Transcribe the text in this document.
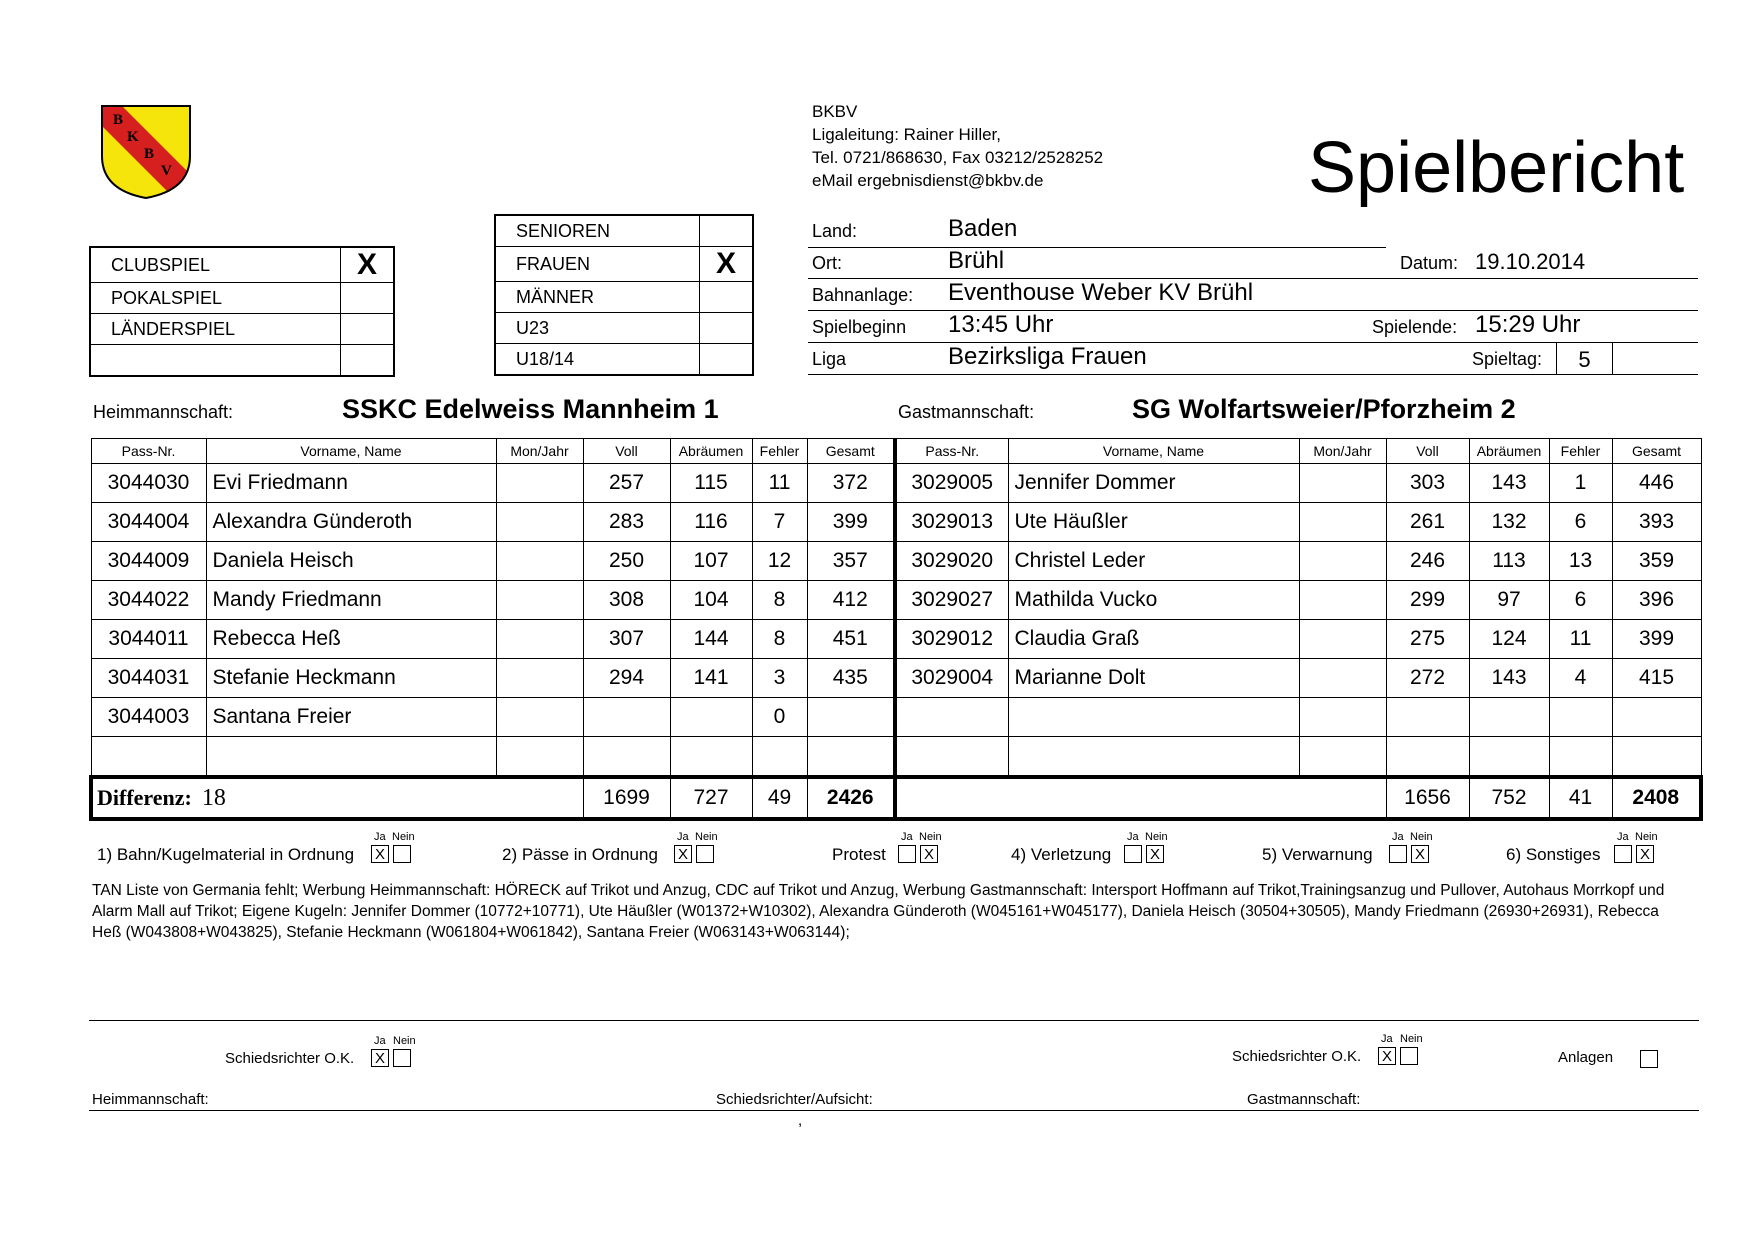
B
K
B
V
BKBV
Ligaleitung: Rainer Hiller,
Tel. 0721/868630, Fax 03212/2528252
eMail ergebnisdienst@bkbv.de	Spielbericht
CLUBSPIEL	X
POKALSPIEL	
LÄNDERSPIEL	

SENIOREN	
FRAUEN	X
MÄNNER	
U23	
U18/14	
Land:	Baden
Ort:	Brühl	Datum: 19.10.2014
Bahnanlage: Eventhouse Weber KV Brühl
Spielbeginn 13:45 Uhr	Spielende: 15:29 Uhr
Liga	Bezirksliga Frauen	Spieltag:	5
Heimmannschaft:	SSKC Edelweiss Mannheim 1	Gastmannschaft:	SG Wolfartsweier/Pforzheim 2
Pass-Nr.	Vorname, Name	Mon/Jahr	Voll	Abräumen	Fehler	Gesamt	Pass-Nr.	Vorname, Name	Mon/Jahr	Voll	Abräumen	Fehler	Gesamt
3044030	Evi Friedmann		257	115	11	372	3029005	Jennifer Dommer		303	143	1	446
3044004	Alexandra Günderoth		283	116	7	399	3029013	Ute Häußler		261	132	6	393
3044009	Daniela Heisch		250	107	12	357	3029020	Christel Leder		246	113	13	359
3044022	Mandy Friedmann		308	104	8	412	3029027	Mathilda Vucko		299	97	6	396
3044011	Rebecca Heß		307	144	8	451	3029012	Claudia Graß		275	124	11	399
3044031	Stefanie Heckmann		294	141	3	435	3029004	Marianne Dolt		272	143	4	415
3044003	Santana Freier				0								

Differenz: 18			1699	727	49	2426				1656	752	41	2408
Ja Nein
1) Bahn/Kugelmaterial in Ordnung X
Ja Nein
2) Pässe in Ordnung X
Ja Nein
Protest	X
Ja Nein
4) Verletzung	X
Ja Nein
5) Verwarnung	X
Ja Nein
6) Sonstiges	X
TAN Liste von Germania fehlt; Werbung Heimmannschaft: HÖRECK auf Trikot und Anzug, CDC auf Trikot und Anzug, Werbung Gastmannschaft: Intersport Hoffmann auf Trikot,Trainingsanzug und Pullover, Autohaus Morrkopf und Alarm Mall auf Trikot; Eigene Kugeln: Jennifer Dommer (10772+10771), Ute Häußler (W01372+W10302), Alexandra Günderoth (W045161+W045177), Daniela Heisch (30504+30505), Mandy Friedmann (26930+26931), Rebecca Heß (W043808+W043825), Stefanie Heckmann (W061804+W061842), Santana Freier (W063143+W063144);
Ja Nein
Schiedsrichter O.K. X
Ja Nein
Schiedsrichter O.K. X	Anlagen
Heimmannschaft:	Schiedsrichter/Aufsicht:	Gastmannschaft:
,
